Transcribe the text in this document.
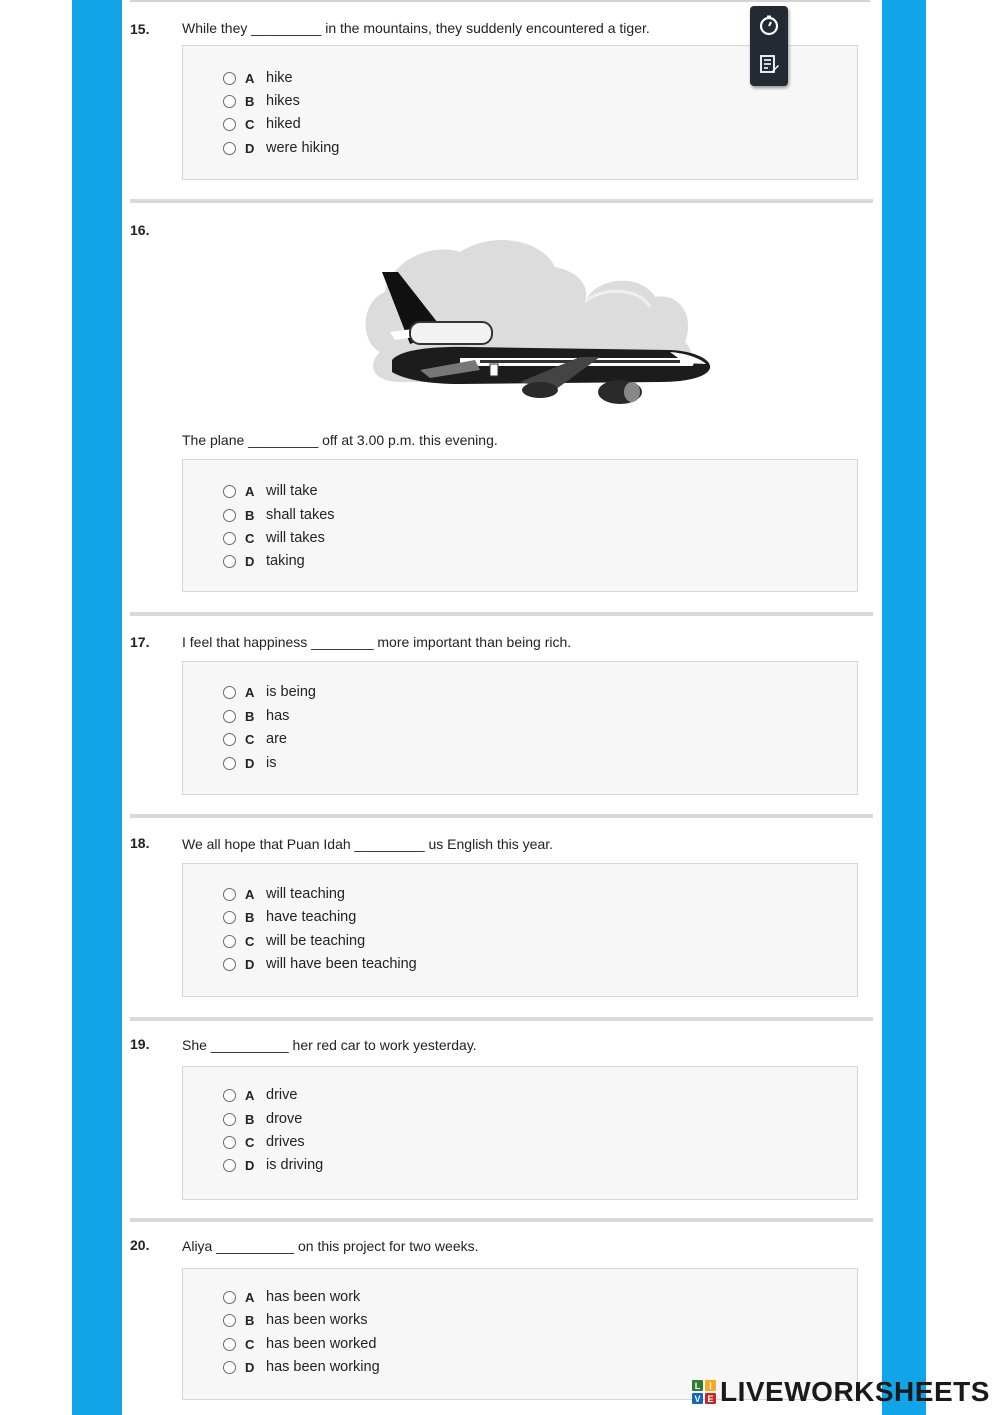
15. While they _________ in the mountains, they suddenly encountered a tiger.
A hike
B hikes
C hiked
D were hiking
16.
The plane _________ off at 3.00 p.m. this evening.
A will take
B shall takes
C will takes
D taking
17. I feel that happiness ________ more important than being rich.
A is being
B has
C are
D is
18. We all hope that Puan Idah _________ us English this year.
A will teaching
B have teaching
C will be teaching
D will have been teaching
19. She __________ her red car to work yesterday.
A drive
B drove
C drives
D is driving
20. Aliya __________ on this project for two weeks.
A has been work
B has been works
C has been worked
D has been working
L I
V E LIVEWORKSHEETS
